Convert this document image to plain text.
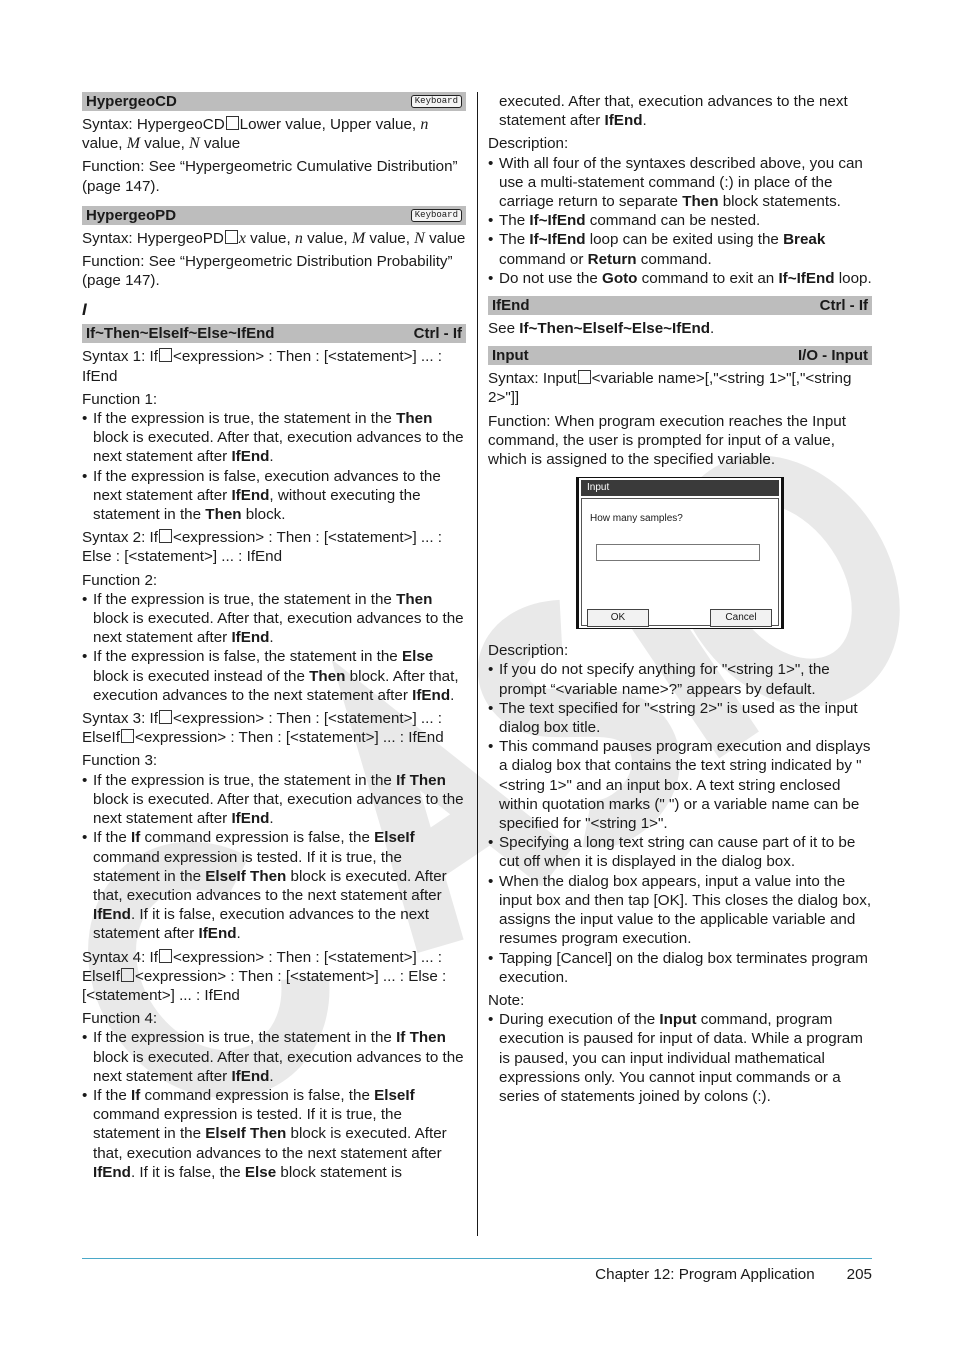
CASIO
HypergeoCD	Keyboard

Syntax: HypergeoCD Lower value, Upper value, n value, M value, N value

Function: See “Hypergeometric Cumulative Distribution” (page 147).

HypergeoPD	Keyboard

Syntax: HypergeoPD x value, n value, M value, N value

Function: See “Hypergeometric Distribution Probability” (page 147).

I
If~Then~ElseIf~Else~IfEnd	Ctrl - If

Syntax 1: If <expression> : Then : [<statement>] ... : IfEnd

Function 1:

• If the expression is true, the statement in the Then block is executed. After that, execution advances to the next statement after IfEnd.
• If the expression is false, execution advances to the next statement after IfEnd, without executing the statement in the Then block.

Syntax 2: If <expression> : Then : [<statement>] ... : Else : [<statement>] ... : IfEnd

Function 2:

• If the expression is true, the statement in the Then block is executed. After that, execution advances to the next statement after IfEnd.
• If the expression is false, the statement in the Else block is executed instead of the Then block. After that, execution advances to the next statement after IfEnd.

Syntax 3: If <expression> : Then : [<statement>] ... : ElseIf <expression> : Then : [<statement>] ... : IfEnd

Function 3:

• If the expression is true, the statement in the If Then block is executed. After that, execution advances to the next statement after IfEnd.
• If the If command expression is false, the ElseIf command expression is tested. If it is true, the statement in the ElseIf Then block is executed. After that, execution advances to the next statement after IfEnd. If it is false, execution advances to the next statement after IfEnd.

Syntax 4: If <expression> : Then : [<statement>] ... : ElseIf <expression> : Then : [<statement>] ... : Else : [<statement>] ... : IfEnd

Function 4:

• If the expression is true, the statement in the If Then block is executed. After that, execution advances to the next statement after IfEnd.
• If the If command expression is false, the ElseIf command expression is tested. If it is true, the statement in the ElseIf Then block is executed. After that, execution advances to the next statement after IfEnd. If it is false, the Else block statement is
executed. After that, execution advances to the next statement after IfEnd.

Description:

• With all four of the syntaxes described above, you can use a multi-statement command (:) in place of the carriage return to separate Then block statements.
• The If~IfEnd command can be nested.
• The If~IfEnd loop can be exited using the Break command or Return command.
• Do not use the Goto command to exit an If~IfEnd loop.
IfEnd	Ctrl - If

See If~Then~ElseIf~Else~IfEnd.

Input	I/O - Input

Syntax: Input <variable name>[,"<string 1>"[,"<string 2>"]]

Function: When program execution reaches the Input command, the user is prompted for input of a value, which is assigned to the specified variable.

Input
How many samples?
OK	Cancel

Description:

• If you do not specify anything for "<string 1>", the prompt “<variable name>?” appears by default.
• The text specified for "<string 2>" is used as the input dialog box title.
• This command pauses program execution and displays a dialog box that contains the text string indicated by "<string 1>" and an input box. A text string enclosed within quotation marks (" ") or a variable name can be specified for "<string 1>".
• Specifying a long text string can cause part of it to be cut off when it is displayed in the dialog box.
• When the dialog box appears, input a value into the input box and then tap [OK]. This closes the dialog box, assigns the input value to the applicable variable and resumes program execution.
• Tapping [Cancel] on the dialog box terminates program execution.

Note:

• During execution of the Input command, program execution is paused for input of data. While a program is paused, you can input individual mathematical expressions only. You cannot input commands or a series of statements joined by colons (:).
Chapter 12: Program Application 205
